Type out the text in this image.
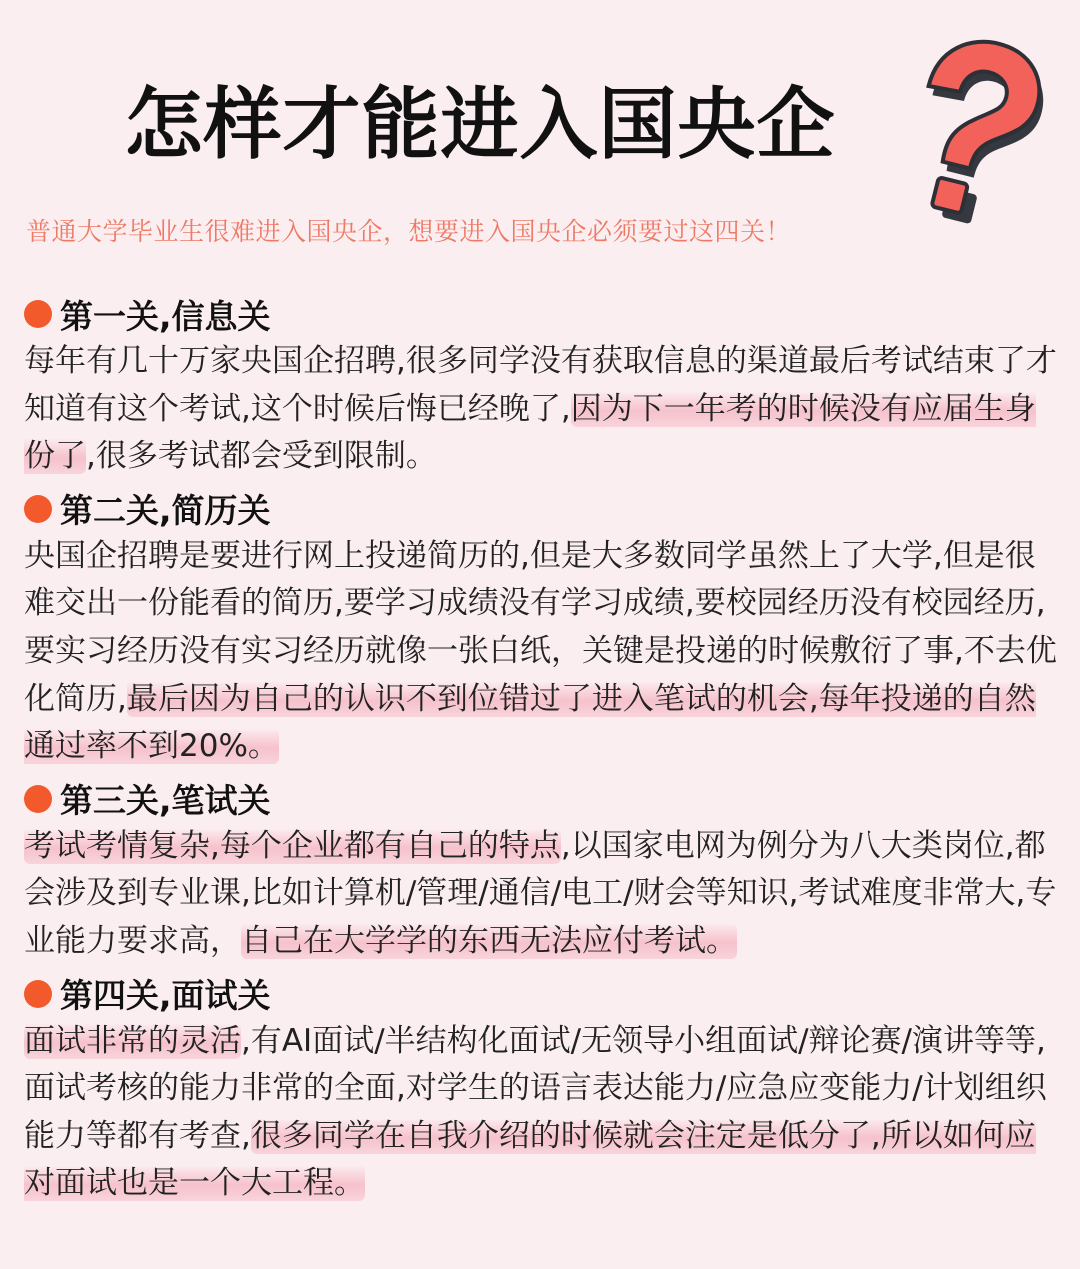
怎样才能进入国央企
普通大学毕业生很难进入国央企，想要进入国央企必须要过这四关！
第一关,信息关
每年有几十万家央国企招聘,很多同学没有获取信息的渠道最后考试结束了才知道有这个考试,这个时候后悔已经晚了,因为下一年考的时候没有应届生身份了,很多考试都会受到限制。
第二关,简历关
央国企招聘是要进行网上投递简历的,但是大多数同学虽然上了大学,但是很难交出一份能看的简历,要学习成绩没有学习成绩,要校园经历没有校园经历,要实习经历没有实习经历就像一张白纸，关键是投递的时候敷衍了事,不去优化简历,最后因为自己的认识不到位错过了进入笔试的机会,每年投递的自然通过率不到20%。
第三关,笔试关
考试考情复杂,每个企业都有自己的特点,以国家电网为例分为八大类岗位,都会涉及到专业课,比如计算机/管理/通信/电工/财会等知识,考试难度非常大,专业能力要求高，自己在大学学的东西无法应付考试。
第四关,面试关
面试非常的灵活,有AI面试/半结构化面试/无领导小组面试/辩论赛/演讲等等,面试考核的能力非常的全面,对学生的语言表达能力/应急应变能力/计划组织能力等都有考查,很多同学在自我介绍的时候就会注定是低分了,所以如何应对面试也是一个大工程。
